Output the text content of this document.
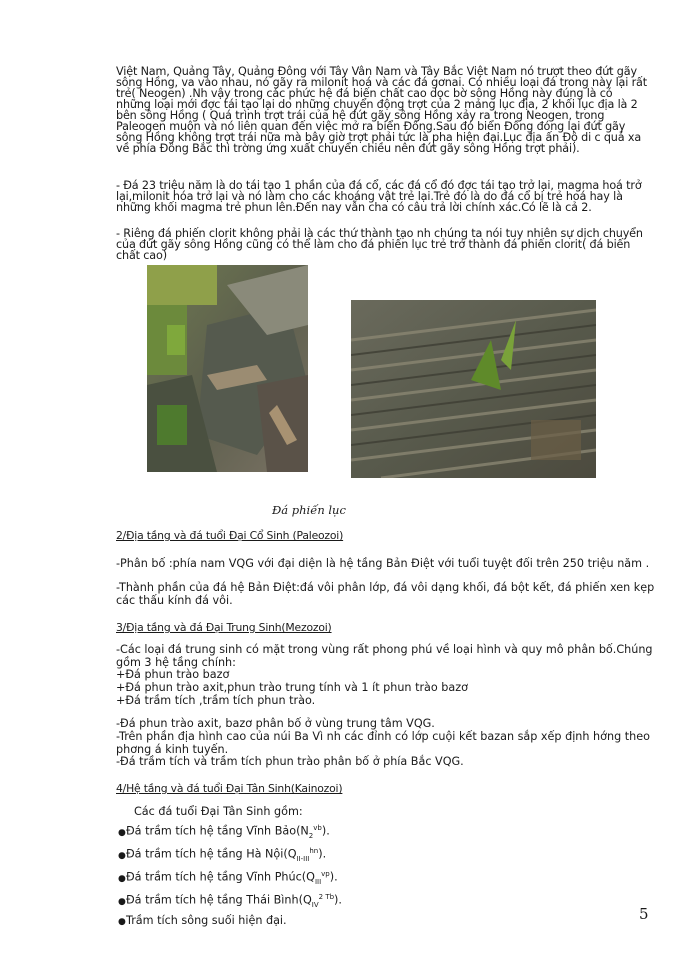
Việt Nam, Quảng Tây, Quảng Đông với Tây Vân Nam và Tây Bắc Việt Nam nó trượt theo đứt gãy sông Hồng, va vào nhau, nó gãy ra milonit hoá và các đá gơnai. Có nhiều loại đá trong này lại rất trẻ( Neogen) .Nh vậy trong các phức hệ đá biến chất cao dọc bờ sông Hồng này đúng là có những loại mới đợc tái tạo lại do những chuyển động trợt của 2 mảng lục địa, 2 khối lục địa là 2 bên sông Hồng ( Quá trình trợt trái của hệ đứt gãy sông Hồng xảy ra trong Neogen, trong Paleogen muộn và nó liên quan đến việc mở ra biển Đông.Sau đó biển Đông đóng lại đứt gãy sông Hồng không trợt trái nữa mà bây giờ trợt phải tức là pha hiện đại.Lục địa ấn Độ di c quá xa về phía Đông Bắc thì trờng ứng xuất chuyển chiều nên đứt gãy sông Hồng trợt phải).

- Đá 23 triệu năm là do tái tạo 1 phần của đá cổ, các đá cổ đó đợc tái tạo trở lại, magma hoá trở lại,milonit hóa trở lại và nó làm cho các khoáng vật trẻ lại.Trẻ đó là do đá cổ bị trẻ hoá hay là những khối magma trẻ phun lên.Đến nay vẫn cha có câu trả lời chính xác.Có lẽ là cả 2.

- Riêng đá phiến clorit không phải là các thứ thành tạo nh chúng ta nói tuy nhiên sự dịch chuyển của đứt gãy sông Hồng cũng có thể làm cho đá phiến lục trẻ trở thành đá phiến clorit( đá biến chất cao)

Đá phiến lục
2/Địa tầng và đá tuổi Đại Cổ Sinh (Paleozoi)
-Phân bố :phía nam VQG với đại diện là hệ tầng Bản Điệt với tuổi tuyệt đối trên 250 triệu năm .
-Thành phần của đá hệ Bản Điệt:đá vôi phân lớp, đá vôi dạng khối, đá bột kết, đá phiến xen kẹp các thấu kính đá vôi.
3/Địa tầng và đá Đại Trung Sinh(Mezozoi)
-Các loại đá trung sinh có mặt trong vùng rất phong phú về loại hình và quy mô phân bố.Chúng gồm 3 hệ tầng chính:
+Đá phun trào bazơ
+Đá phun trào axit,phun trào trung tính và 1 ít phun trào bazơ
+Đá trầm tích ,trầm tích phun trào.
-Đá phun trào axit, bazơ phân bố ở vùng trung tâm VQG.
-Trên phần địa hình cao của núi Ba Vì nh các đỉnh có lớp cuội kết bazan sắp xếp định hớng theo phơng á kinh tuyến.
-Đá trầm tích và trầm tích phun trào phân bố ở phía Bắc VQG.
4/Hệ tầng và đá tuổi Đại Tân Sinh(Kainozoi)
Các đá tuổi Đại Tân Sinh gồm:
●Đá trầm tích hệ tầng Vĩnh $Bảo(N_2^{vb})$.
●Đá trầm tích hệ tầng Hà $Nội(Q_{II-III}^{hn})$.
●Đá trầm tích hệ tầng Vĩnh $Phúc(Q_{III}^{vp})$.
●Đá trầm tích hệ tầng Thái $Bình(Q_{IV}^{2 Tb})$.
●Trầm tích sông suối hiện đại.	5
